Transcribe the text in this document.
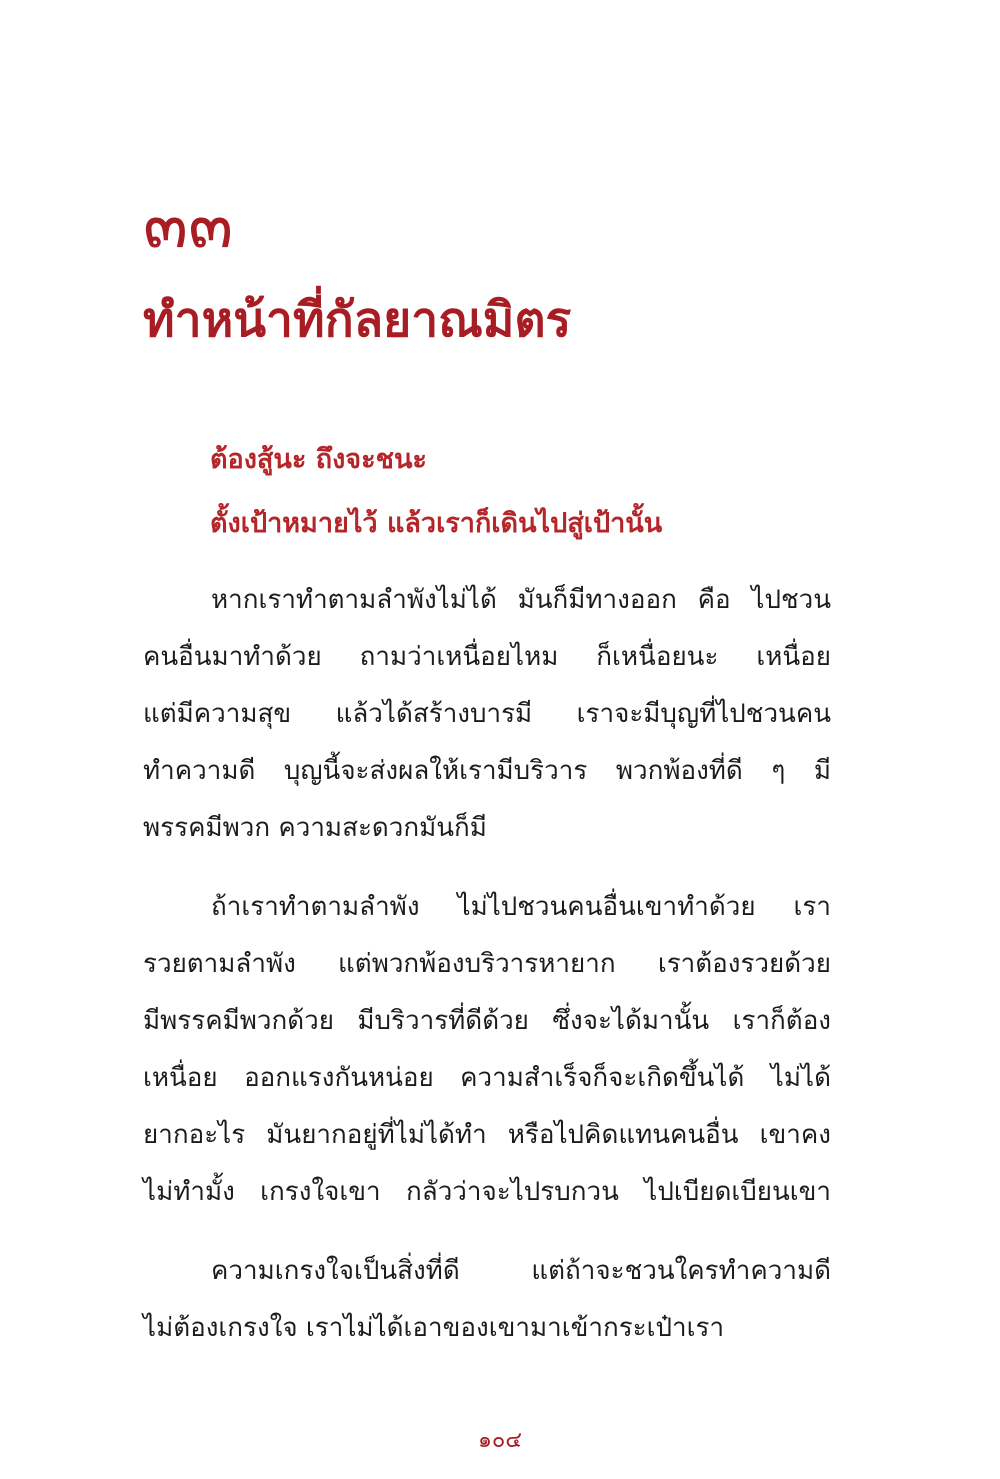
๓๓
ทำหน้าที่กัลยาณมิตร
ต้องสู้นะ ถึงจะชนะ
ตั้งเป้าหมายไว้ แล้วเราก็เดินไปสู่เป้านั้น
หากเราทำตามลำพังไม่ได้ มันก็มีทางออก คือ ไปชวน
คนอื่นมาทำด้วย ถามว่าเหนื่อยไหม ก็เหนื่อยนะ เหนื่อย
แต่มีความสุข แล้วได้สร้างบารมี เราจะมีบุญที่ไปชวนคน
ทำความดี บุญนี้จะส่งผลให้เรามีบริวาร พวกพ้องที่ดี ๆ มี
พรรคมีพวก ความสะดวกมันก็มี
ถ้าเราทำตามลำพัง ไม่ไปชวนคนอื่นเขาทำด้วย เรา
รวยตามลำพัง แต่พวกพ้องบริวารหายาก เราต้องรวยด้วย
มีพรรคมีพวกด้วย มีบริวารที่ดีด้วย ซึ่งจะได้มานั้น เราก็ต้อง
เหนื่อย ออกแรงกันหน่อย ความสำเร็จก็จะเกิดขึ้นได้ ไม่ได้
ยากอะไร มันยากอยู่ที่ไม่ได้ทำ หรือไปคิดแทนคนอื่น เขาคง
ไม่ทำมั้ง เกรงใจเขา กลัวว่าจะไปรบกวน ไปเบียดเบียนเขา
ความเกรงใจเป็นสิ่งที่ดี แต่ถ้าจะชวนใครทำความดี
ไม่ต้องเกรงใจ เราไม่ได้เอาของเขามาเข้ากระเป๋าเรา
๑๐๔
